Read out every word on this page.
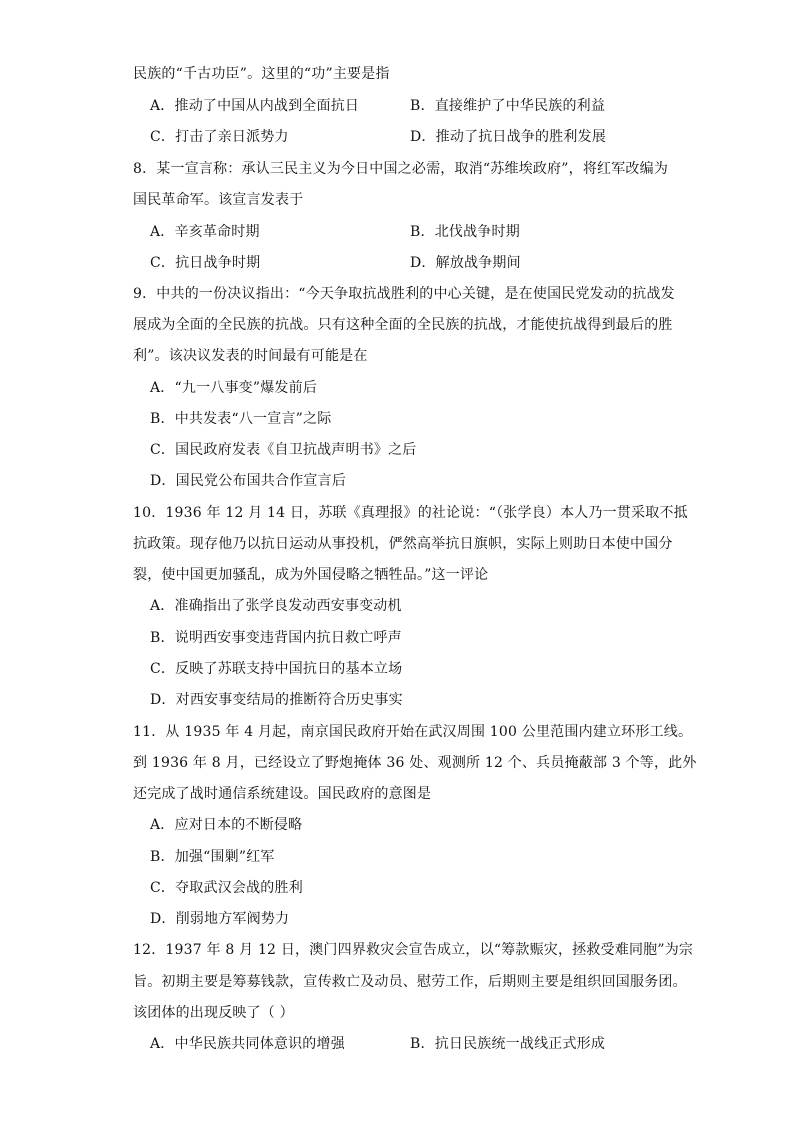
民族的“千古功臣”。这里的“功”主要是指
A．推动了中国从内战到全面抗日	B．直接维护了中华民族的利益
C．打击了亲日派势力	D．推动了抗日战争的胜利发展
8．某一宣言称：承认三民主义为今日中国之必需，取消“苏维埃政府”，将红军改编为
国民革命军。该宣言发表于
A．辛亥革命时期	B．北伐战争时期
C．抗日战争时期	D．解放战争期间
9．中共的一份决议指出：“今天争取抗战胜利的中心关键，是在使国民党发动的抗战发
展成为全面的全民族的抗战。只有这种全面的全民族的抗战，才能使抗战得到最后的胜
利”。该决议发表的时间最有可能是在
A．“九一八事变”爆发前后
B．中共发表“八一宣言”之际
C．国民政府发表《自卫抗战声明书》之后
D．国民党公布国共合作宣言后
10．1936 年 12 月 14 日，苏联《真理报》的社论说：“（张学良）本人乃一贯采取不抵
抗政策。现存他乃以抗日运动从事投机，俨然高举抗日旗帜，实际上则助日本使中国分
裂，使中国更加骚乱，成为外国侵略之牺牲品。”这一评论
A．准确指出了张学良发动西安事变动机
B．说明西安事变违背国内抗日救亡呼声
C．反映了苏联支持中国抗日的基本立场
D．对西安事变结局的推断符合历史事实
11．从 1935 年 4 月起，南京国民政府开始在武汉周围 100 公里范围内建立环形工线。
到 1936 年 8 月，已经设立了野炮掩体 36 处、观测所 12 个、兵员掩蔽部 3 个等，此外
还完成了战时通信系统建设。国民政府的意图是
A．应对日本的不断侵略
B．加强“围剿”红军
C．夺取武汉会战的胜利
D．削弱地方军阀势力
12．1937 年 8 月 12 日，澳门四界救灾会宣告成立，以“筹款赈灾，拯救受难同胞”为宗
旨。初期主要是筹募钱款，宣传救亡及动员、慰劳工作，后期则主要是组织回国服务团。
该团体的出现反映了（ ）
A．中华民族共同体意识的增强	B．抗日民族统一战线正式形成
